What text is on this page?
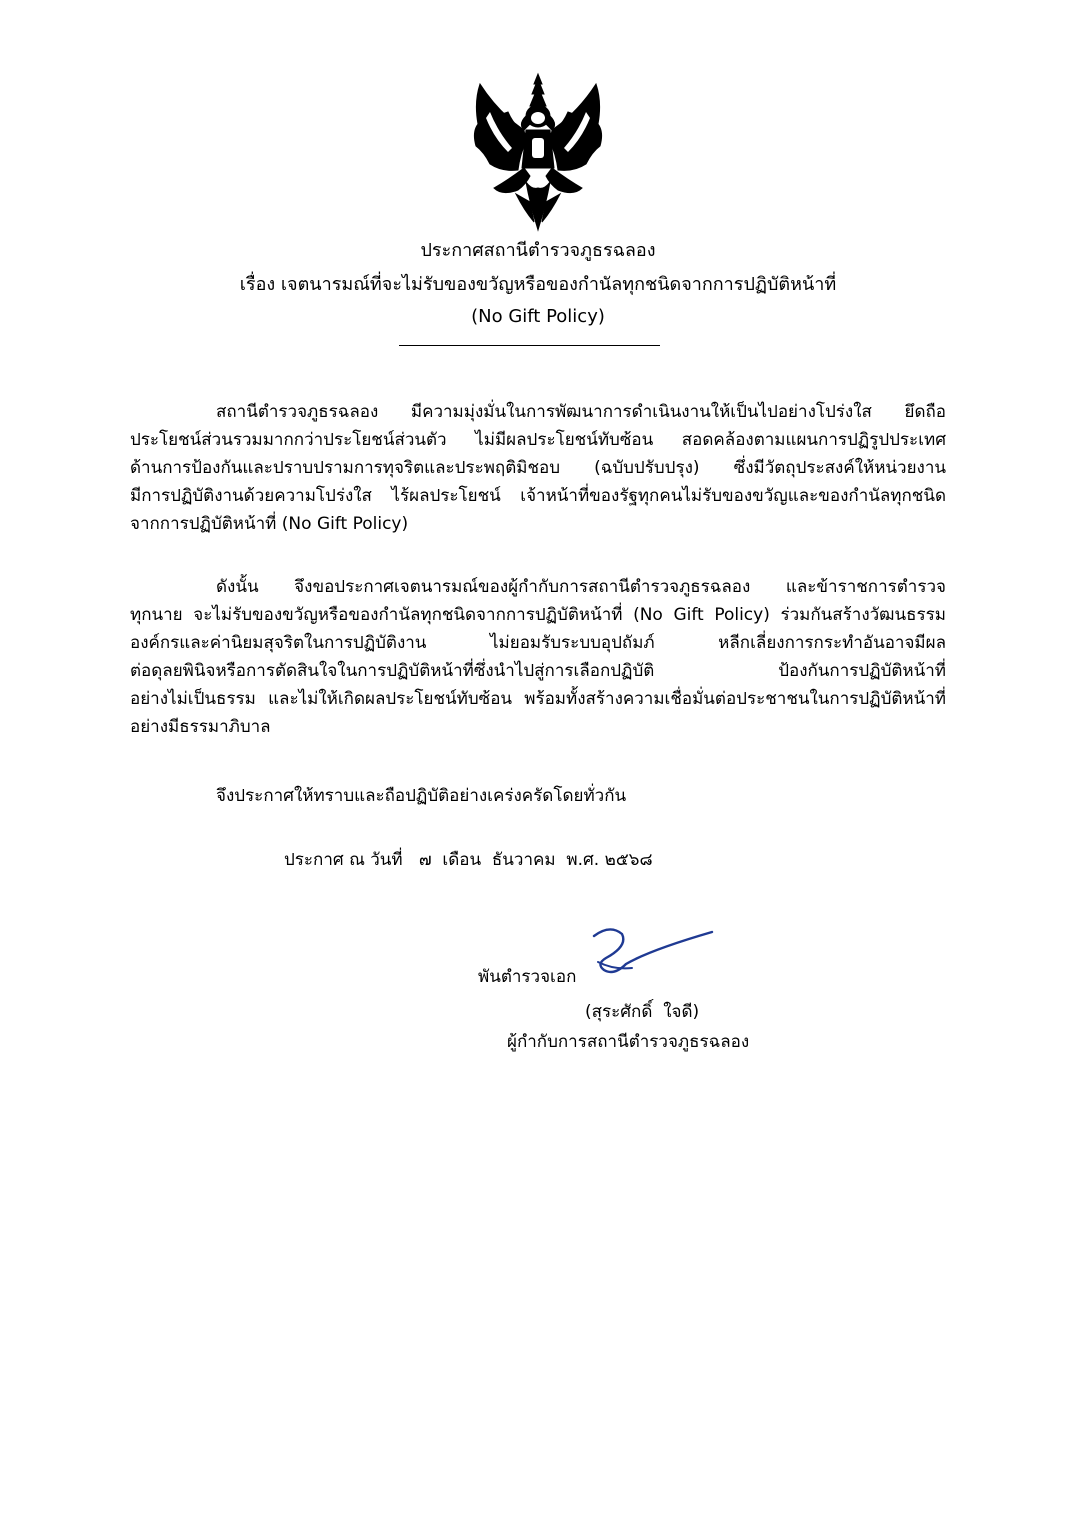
ประกาศสถานีตำรวจภูธรฉลอง
เรื่อง เจตนารมณ์ที่จะไม่รับของขวัญหรือของกำนัลทุกชนิดจากการปฏิบัติหน้าที่
(No Gift Policy)
สถานีตำรวจภูธรฉลอง มีความมุ่งมั่นในการพัฒนาการดำเนินงานให้เป็นไปอย่างโปร่งใส ยึดถือ
ประโยชน์ส่วนรวมมากกว่าประโยชน์ส่วนตัว ไม่มีผลประโยชน์ทับซ้อน สอดคล้องตามแผนการปฏิรูปประเทศ
ด้านการป้องกันและปราบปรามการทุจริตและประพฤติมิชอบ (ฉบับปรับปรุง) ซึ่งมีวัตถุประสงค์ให้หน่วยงาน
มีการปฏิบัติงานด้วยความโปร่งใส ไร้ผลประโยชน์ เจ้าหน้าที่ของรัฐทุกคนไม่รับของขวัญและของกำนัลทุกชนิด
จากการปฏิบัติหน้าที่ (No Gift Policy)
ดังนั้น จึงขอประกาศเจตนารมณ์ของผู้กำกับการสถานีตำรวจภูธรฉลอง และข้าราชการตำรวจ
ทุกนาย จะไม่รับของขวัญหรือของกำนัลทุกชนิดจากการปฏิบัติหน้าที่ (No Gift Policy) ร่วมกันสร้างวัฒนธรรม
องค์กรและค่านิยมสุจริตในการปฏิบัติงาน ไม่ยอมรับระบบอุปถัมภ์ หลีกเลี่ยงการกระทำอันอาจมีผล
ต่อดุลยพินิจหรือการตัดสินใจในการปฏิบัติหน้าที่ซึ่งนำไปสู่การเลือกปฏิบัติ ป้องกันการปฏิบัติหน้าที่
อย่างไม่เป็นธรรม และไม่ให้เกิดผลประโยชน์ทับซ้อน พร้อมทั้งสร้างความเชื่อมั่นต่อประชาชนในการปฏิบัติหน้าที่
อย่างมีธรรมาภิบาล
จึงประกาศให้ทราบและถือปฏิบัติอย่างเคร่งครัดโดยทั่วกัน
ประกาศ ณ วันที่   ๗  เดือน  ธันวาคม  พ.ศ. ๒๕๖๘
พันตำรวจเอก
(สุระศักดิ์  ใจดี)
ผู้กำกับการสถานีตำรวจภูธรฉลอง
